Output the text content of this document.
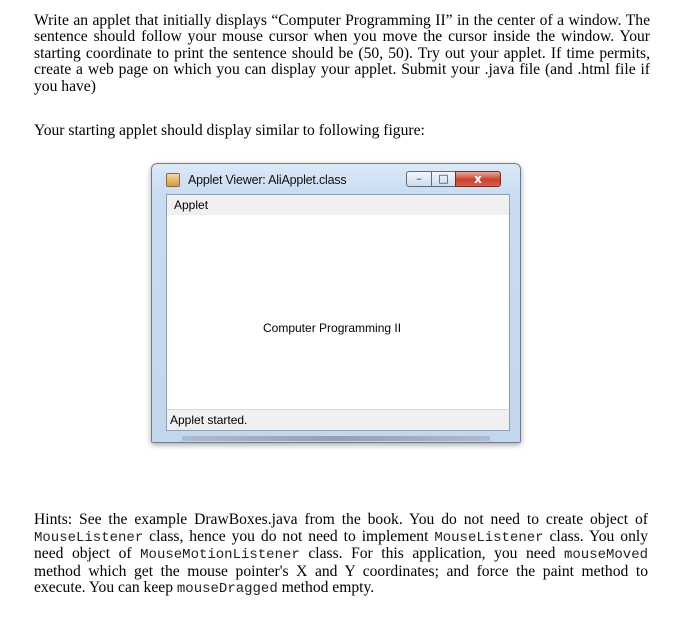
Write an applet that initially displays “Computer Programming II” in the center of a window. The sentence should follow your mouse cursor when you move the cursor inside the window. Your starting coordinate to print the sentence should be (50, 50). Try out your applet. If time permits, create a web page on which you can display your applet. Submit your .java file (and .html file if you have)

Your starting applet should display similar to following figure:

Applet Viewer: AliApplet.class	–	□	x
Applet
Computer Programming II
Applet started.

Hints: See the example DrawBoxes.java from the book. You do not need to create object of MouseListener class, hence you do not need to implement MouseListener class. You only need object of MouseMotionListener class. For this application, you need mouseMoved method which get the mouse pointer's X and Y coordinates; and force the paint method to execute. You can keep mouseDragged method empty.
